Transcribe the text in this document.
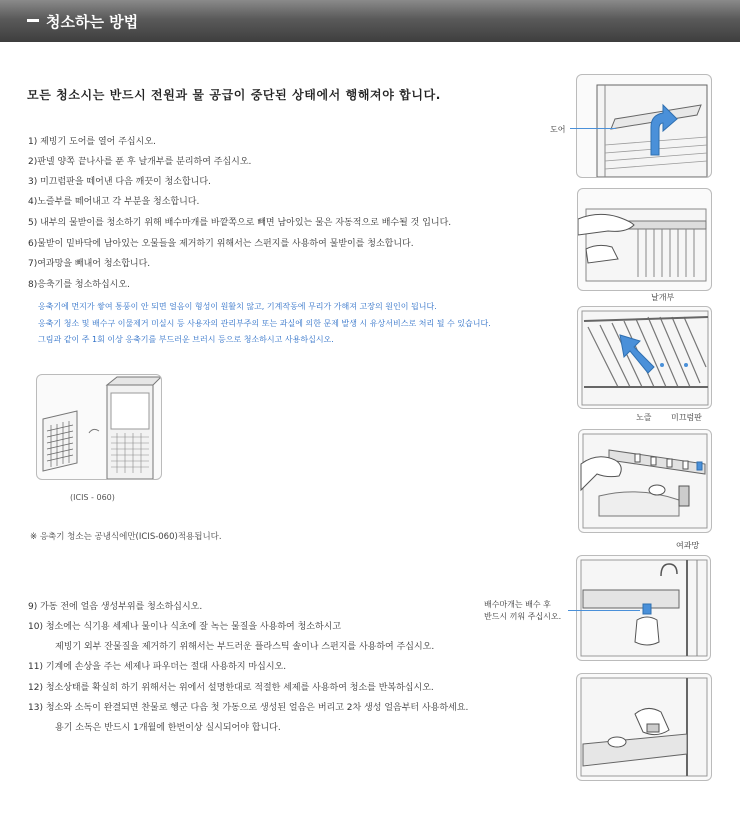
청소하는 방법
모든 청소시는 반드시 전원과 물 공급이 중단된 상태에서 행해져야 합니다.
1) 제빙기 도어를 열어 주십시오.
2)판넬 양쪽 끝나사를 푼 후 날개부를 분리하여 주십시오.
3) 미끄럼판을 떼어낸 다음 깨끗이 청소합니다.
4)노즐부를 떼어내고 각 부분을 청소합니다.
5) 내부의 물받이를 청소하기 위해 배수마개를 바깥쪽으로 빼면 남아있는 물은 자동적으로 배수될 것 입니다.
6)물받이 밑바닥에 남아있는 오물들을 제거하기 위해서는 스펀지를 사용하여 물받이를 청소합니다.
7)여과망을 빼내어 청소합니다.
8)응축기를 청소하십시오.
응축기에 먼지가 쌓여 통풍이 안 되면 얼음이 형성이 원활치 않고, 기계작동에 무리가 가해져 고장의 원인이 됩니다.
응축기 청소 및 배수구 이물제거 미실시 등 사용자의 관리부주의 또는 과실에 의한 문제 발생 시 유상서비스로 처리 될 수 있습니다.
그림과 같이 주 1회 이상 응축기를 부드러운 브러시 등으로 청소하시고 사용하십시오.
(ICIS - 060)
※ 응축기 청소는 공냉식에만(ICIS-060)적용됩니다.
9) 가동 전에 얼음 생성부위를 청소하십시오.
10) 청소에는 식기용 세제나 물이나 식초에 잘 녹는 물질을 사용하여 청소하시고
제빙기 외부 잔물질을 제거하기 위해서는 부드러운 플라스틱 솔이나 스펀지를 사용하여 주십시오.
11) 기계에 손상을 주는 세제나 파우더는 절대 사용하지 마십시오.
12) 청소상태를 확실히 하기 위해서는 위에서 설명한대로 적절한 세제를 사용하여 청소를 반복하십시오.
13) 청소와 소독이 완결되면 찬물로 헹군 다음 첫 가동으로 생성된 얼음은 버리고 2차 생성 얼음부터 사용하세요.
용기 소독은 반드시 1개월에 한번이상 실시되어야 합니다.
도어
날개부
노즐 미끄럼판
여과망
배수마개는 배수 후
반드시 끼워 주십시오.
